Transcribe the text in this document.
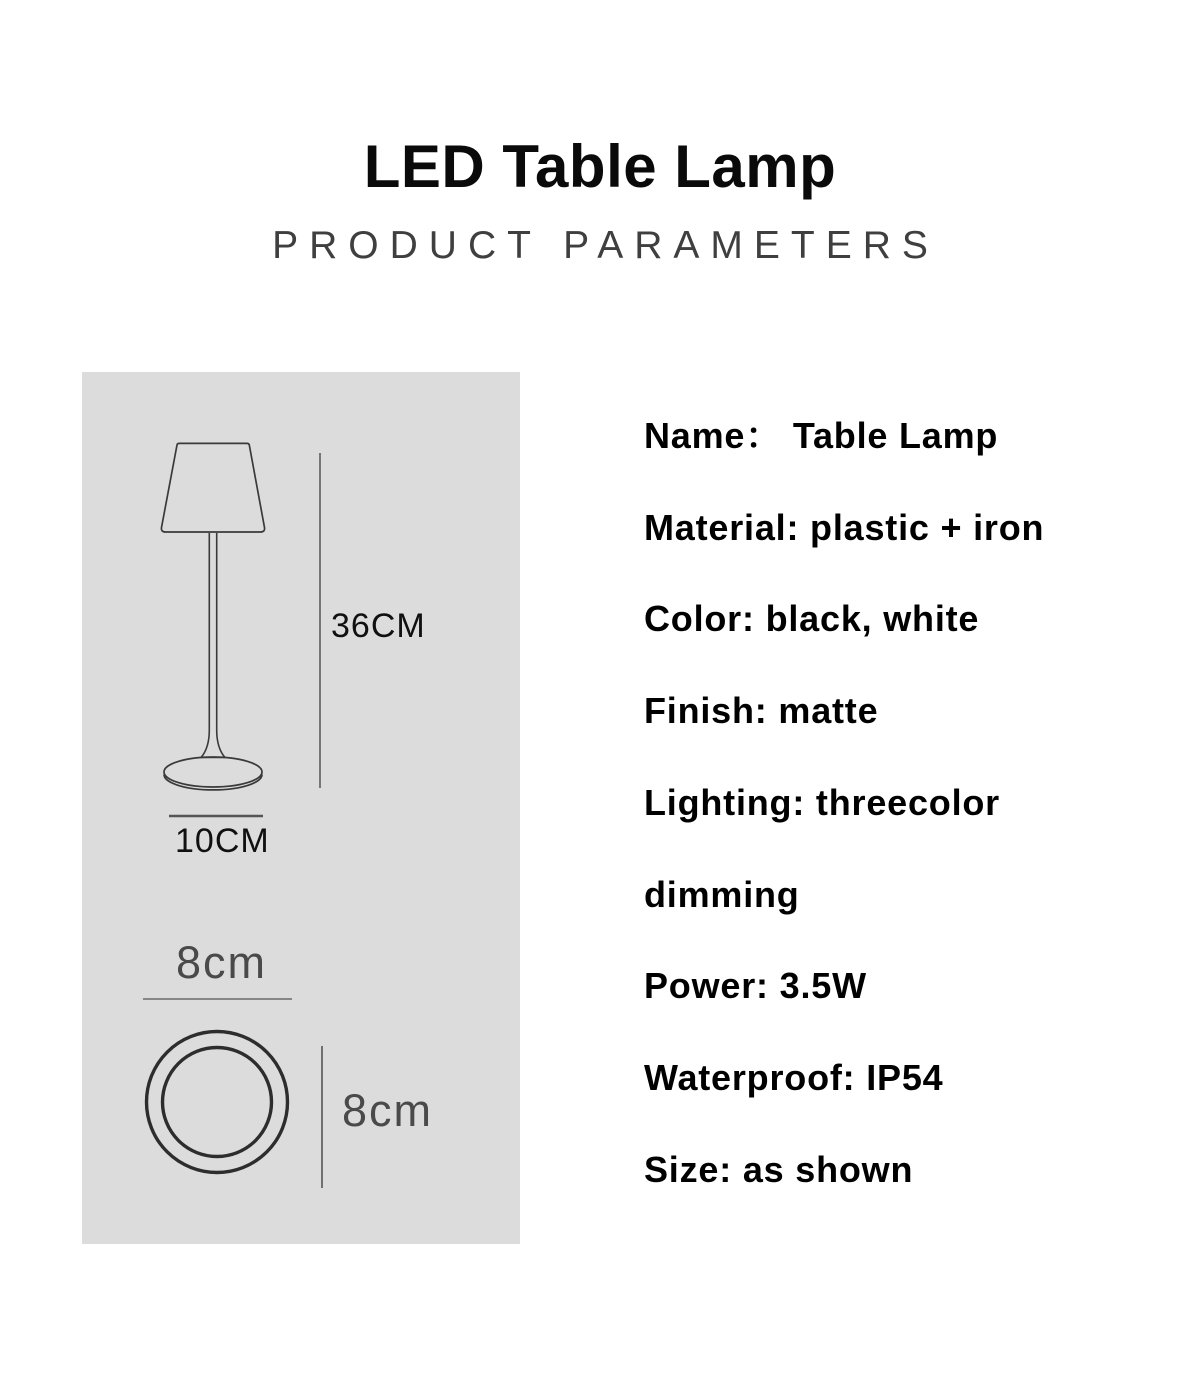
LED Table Lamp
PRODUCT PARAMETERS
36CM
10CM
8cm
8cm
Name： Table Lamp
Material: plastic + iron
Color: black, white
Finish: matte
Lighting: threecolor
dimming
Power: 3.5W
Waterproof: IP54
Size: as shown
